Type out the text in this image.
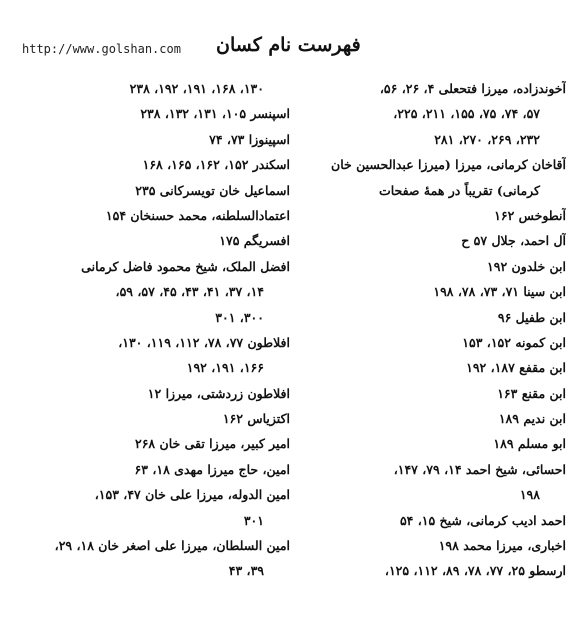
http://www.golshan.com فهرست نام کسان
آخوندزاده، میرزا فتحعلی ۴، ۲۶، ۵۶،
۵۷، ۷۴، ۷۵، ۱۵۵، ۲۱۱، ۲۲۵،
۲۳۲، ۲۶۹، ۲۷۰، ۲۸۱
آقاخان کرمانی، میرزا (میرزا عبدالحسین خان
کرمانی) تقریباً در همهٔ صفحات
آنطوخس ۱۶۲
آل احمد، جلال ۵۷ ح
ابن خلدون ۱۹۲
ابن سینا ۷۱، ۷۳، ۷۸، ۱۹۸
ابن طفیل ۹۶
ابن کمونه ۱۵۲، ۱۵۳
ابن مقفع ۱۸۷، ۱۹۲
ابن مقنع ۱۶۳
ابن ندیم ۱۸۹
ابو مسلم ۱۸۹
احسائی، شیخ احمد ۱۴، ۷۹، ۱۴۷،
۱۹۸
احمد ادیب کرمانی، شیخ ۱۵، ۵۴
اخباری، میرزا محمد ۱۹۸
ارسطو ۲۵، ۷۷، ۷۸، ۸۹، ۱۱۲، ۱۲۵،
۱۳۰، ۱۶۸، ۱۹۱، ۱۹۲، ۲۳۸
اسپنسر ۱۰۵، ۱۳۱، ۱۳۲، ۲۳۸
اسپینوزا ۷۳، ۷۴
اسکندر ۱۵۲، ۱۶۲، ۱۶۵، ۱۶۸
اسماعیل خان تویسرکانی ۲۳۵
اعتمادالسلطنه، محمد حسنخان ۱۵۴
افسریگم ۱۷۵
افضل الملک، شیخ محمود فاضل کرمانی
۱۴، ۳۷، ۴۱، ۴۳، ۴۵، ۵۷، ۵۹،
۳۰۰، ۳۰۱
افلاطون ۷۷، ۷۸، ۱۱۲، ۱۱۹، ۱۳۰،
۱۶۶، ۱۹۱، ۱۹۲
افلاطون زردشتی، میرزا ۱۲
اکتزیاس ۱۶۲
امیر کبیر، میرزا تقی خان ۲۶۸
امین، حاج میرزا مهدی ۱۸، ۶۳
امین الدوله، میرزا علی خان ۴۷، ۱۵۳،
۳۰۱
امین السلطان، میرزا علی اصغر خان ۱۸، ۲۹،
۳۹، ۴۳
